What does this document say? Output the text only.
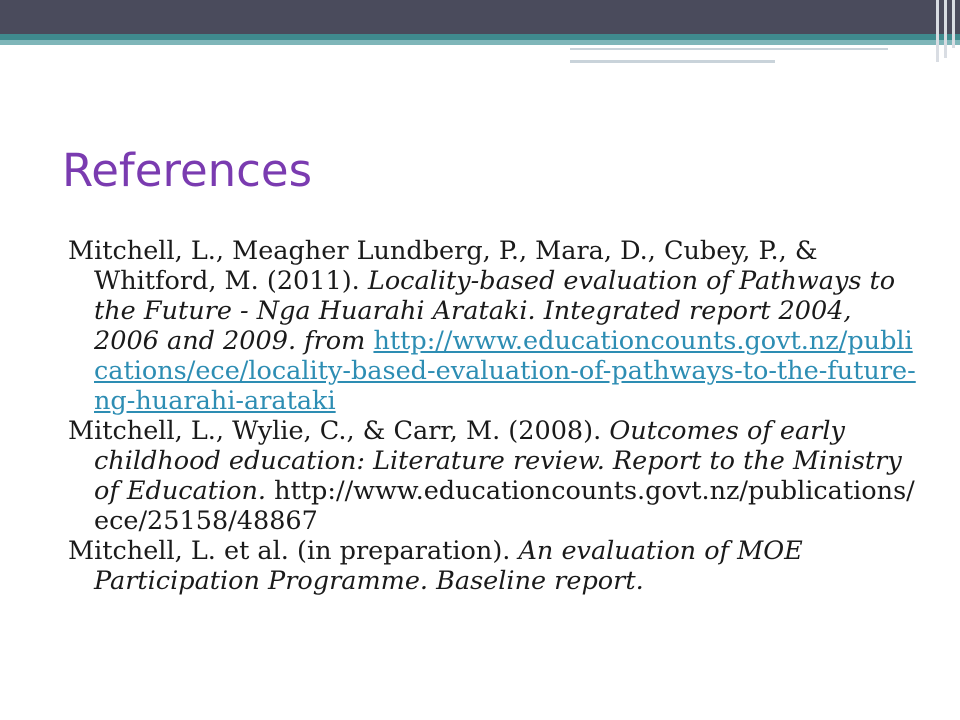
References

Mitchell, L., Meagher Lundberg, P., Mara, D., Cubey, P., & Whitford, M. (2011). Locality-based evaluation of Pathways to the Future - Nga Huarahi Arataki. Integrated report 2004, 2006 and 2009. from http://www.educationcounts.govt.nz/publications/ece/locality-based-evaluation-of-pathways-to-the-future-ng-huarahi-arataki

Mitchell, L., Wylie, C., & Carr, M. (2008). Outcomes of early childhood education: Literature review. Report to the Ministry of Education. http://www.educationcounts.govt.nz/publications/ece/25158/48867

Mitchell, L. et al. (in preparation). An evaluation of MOE Participation Programme. Baseline report.
